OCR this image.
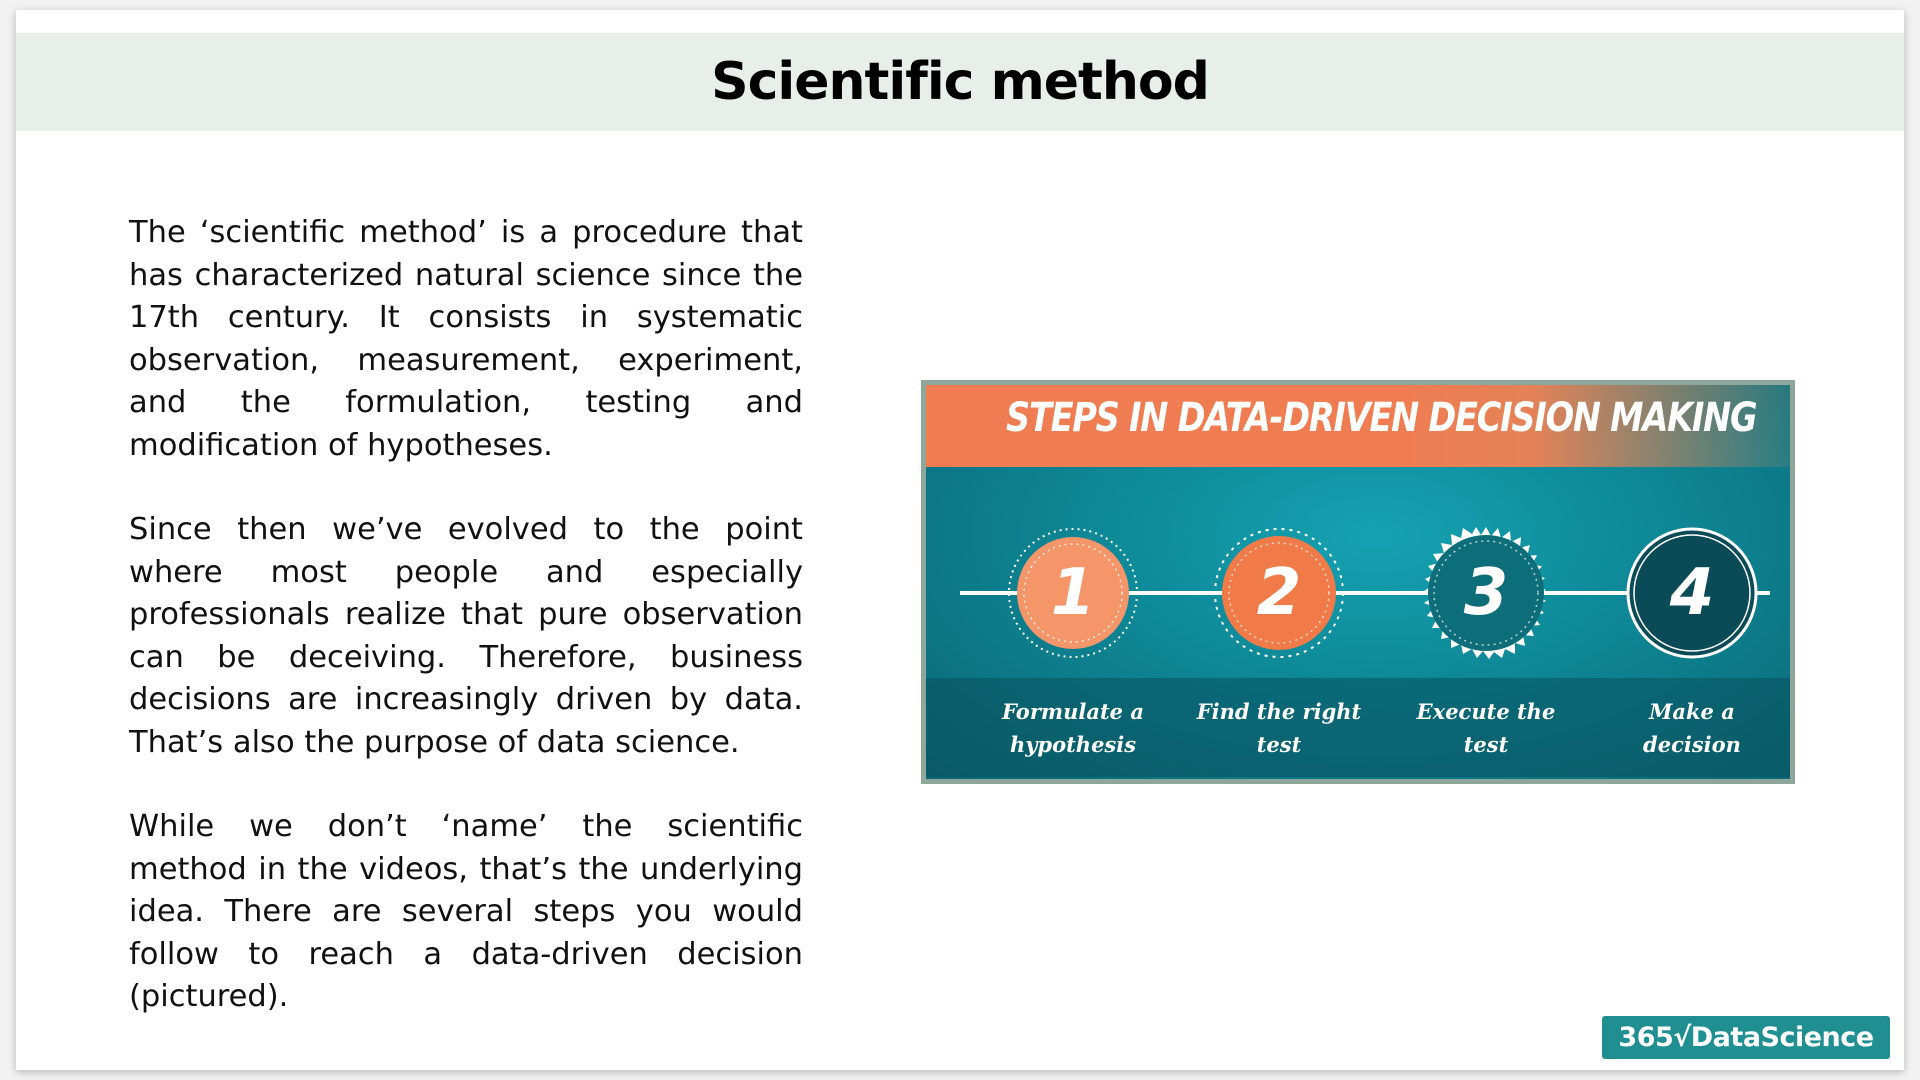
Scientific method

The ‘scientific method’ is a procedure that has characterized natural science since the 17th century. It consists in systematic observation, measurement, experiment, and the formulation, testing and modification of hypotheses.

Since then we’ve evolved to the point where most people and especially professionals realize that pure observation can be deceiving. Therefore, business decisions are increasingly driven by data. That’s also the purpose of data science.

While we don’t ‘name’ the scientific method in the videos, that’s the underlying idea. There are several steps you would follow to reach a data-driven decision (pictured).

STEPS IN DATA-DRIVEN DECISION MAKING
1
Formulate a hypothesis
2
Find the right test
3
Execute the test
4
Make a decision
365√DataScience
